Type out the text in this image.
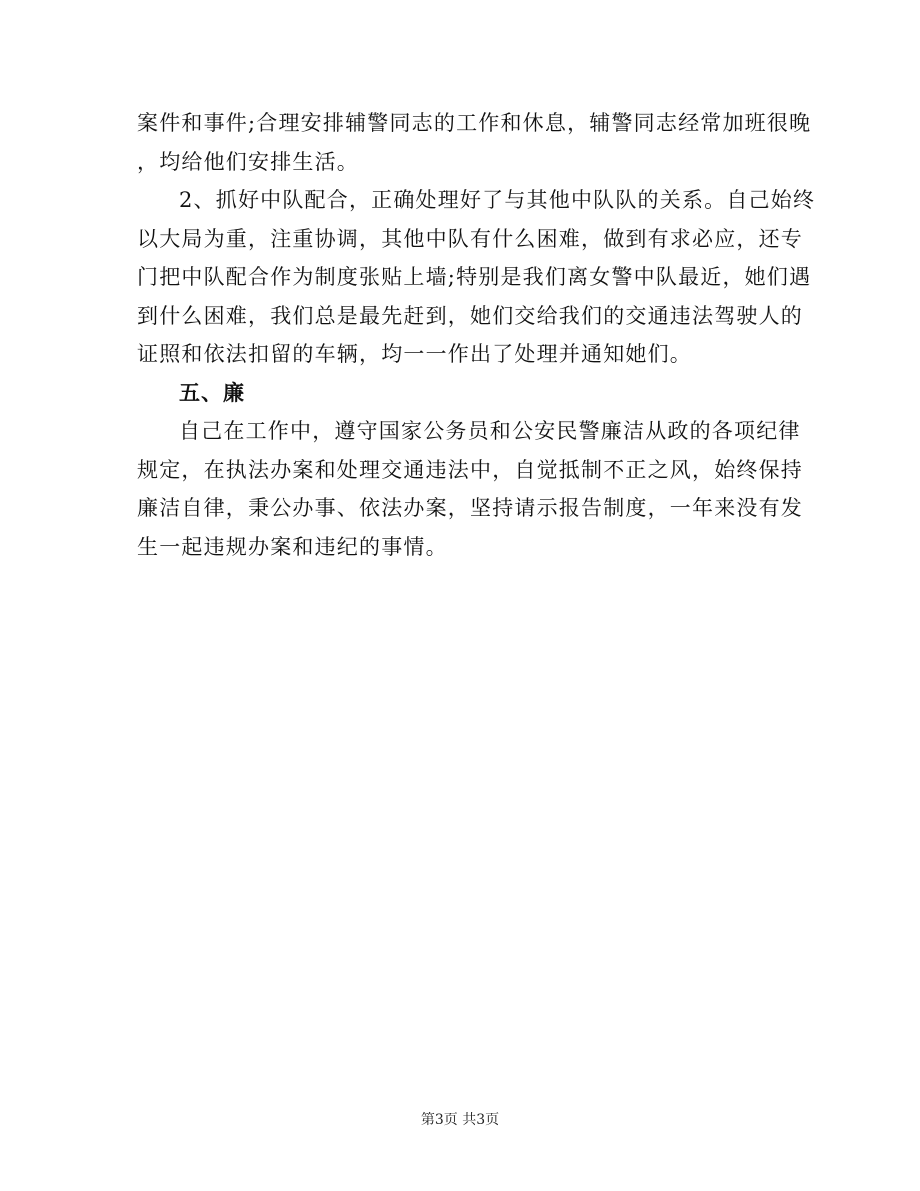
案件和事件;合理安排辅警同志的工作和休息，辅警同志经常加班很晚
，均给他们安排生活。
2、抓好中队配合，正确处理好了与其他中队队的关系。自己始终
以大局为重，注重协调，其他中队有什么困难，做到有求必应，还专
门把中队配合作为制度张贴上墙;特别是我们离女警中队最近，她们遇
到什么困难，我们总是最先赶到，她们交给我们的交通违法驾驶人的
证照和依法扣留的车辆，均一一作出了处理并通知她们。
五、廉
自己在工作中，遵守国家公务员和公安民警廉洁从政的各项纪律
规定，在执法办案和处理交通违法中，自觉抵制不正之风，始终保持
廉洁自律，秉公办事、依法办案，坚持请示报告制度，一年来没有发
生一起违规办案和违纪的事情。
第3页 共3页
